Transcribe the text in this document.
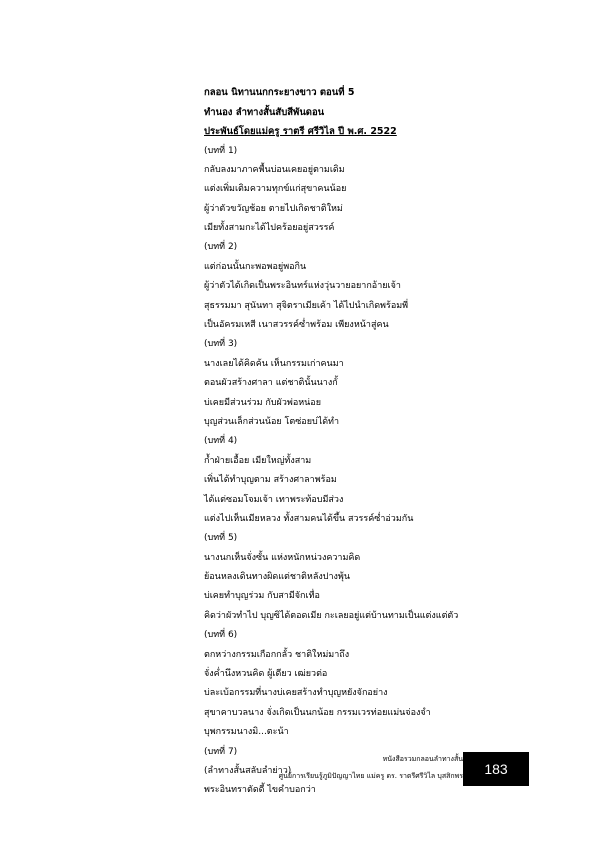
กลอน นิทานนกกระยางขาว ตอนที่ 5
ทำนอง ลำทางสั้นสับสีพันดอน
ประพันธ์โดยแม่ครู ราตรี ศรีวิไล ปี พ.ศ. 2522
(บทที่ 1)
กลับลงมาภาคพื้นบ่อนเคยอยู่ตามเดิม
แต่งเพิ่มเติมความทุกข์แก่สุขาคนน้อย
ผู้ว่าตัวขวัญช้อย ตายไปเกิดชาติใหม่
เมียทั้งสามกะได้ไปคร้อยอยู่สวรรค์
(บทที่ 2)
แต่ก่อนนั้นกะพอพอยู่พอกิน
ผู้ว่าตัวได้เกิดเป็นพระอินทร์แห่งวุ่นวายอยากอ้ายเจ้า
สุธรรมมา สุนันทา สุจิตราเมียเค้า ได้ไปนำเกิดพร้อมพี่
เป็นอัครมเหสี เนาสวรรค์ซ่ำพร้อม เพียงหน้าสู่คน
(บทที่ 3)
นางเลยได้คิดค้น เห็นกรรมเก่าคนมา
ตอนผัวสร้างศาลา แต่ชาตินั้นนางกั้
บ่เคยมีส่วนร่วม กับผัวพ่อหน่อย
บุญส่วนเล็กส่วนน้อย โตซ่อยบ่ได้ทำ
(บทที่ 4)
ก้ำฝ่ายเอื้อย เมียใหญ่ทั้งสาม
เพิ่นได้ทำบุญตาม สร้างศาลาพร้อม
ได้แต่ซอมโจมเจ้า เทาพระท้อบมีส่วง
แต่งไปเห็นเมียหลวง ทั้งสามคนได้ขึ้น สวรรค์ซ่ำอ่วมกัน
(บทที่ 5)
นางนกเห็นจั่งซั้น แห่งหนักหน่วงความคิด
ย้อนหลงเดินทางผิดแต่ชาติหลังปางพุ้น
บ่เคยทำบุญร่วม กับสามีจักเทื่อ
คิดว่าผัวทำไป บุญซิได้ตอดเมีย กะเลยอยู่แต่บ้านทามเป็นแต่งแต่ตัว
(บทที่ 6)
ตกหว่างกรรมเกือกกลั้ว ชาติใหม่มาถึง
จั่งค่ำนึงหวนคิด ผู้เดียว เฒ่ยวต่อ
บ่ละเบ้อกรรมที่นางบ่เคยสร้างทำบุญหยังจักอย่าง
สุขาคาบวลนาง จั่งเกิดเป็นนกน้อย กรรมเวรท่อยแม่นจ่องจำ
บุพกรรมนางมิ...ตะน้า
(บทที่ 7)
(ลำทางสั้นสลับลำย่าว)
พระอินทราตัดดี้ ไขคำบอกว่า
หนังสือรวมกลอนลำทางสั้น
ศูนย์การเรียนรู้ภูมิปัญญาไทย แม่ครู ดร. ราตรีศรีวิไล บุสสิกพร	183
